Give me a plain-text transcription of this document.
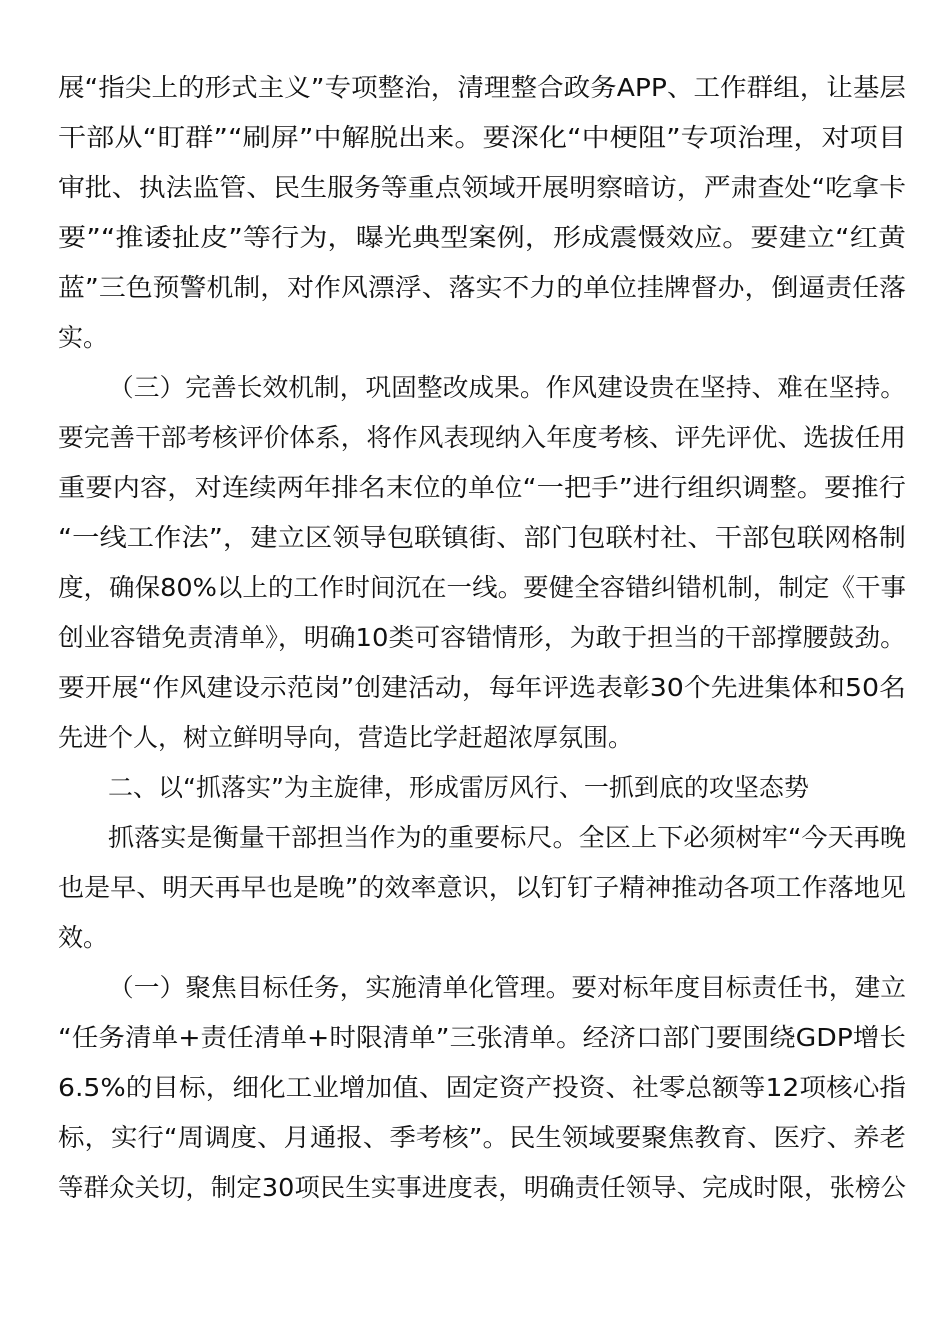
展“指尖上的形式主义”专项整治，清理整合政务APP、工作群组，让基层
干部从“盯群”“刷屏”中解脱出来。要深化“中梗阻”专项治理，对项目
审批、执法监管、民生服务等重点领域开展明察暗访，严肃查处“吃拿卡
要”“推诿扯皮”等行为，曝光典型案例，形成震慑效应。要建立“红黄
蓝”三色预警机制，对作风漂浮、落实不力的单位挂牌督办，倒逼责任落
实。
（三）完善长效机制，巩固整改成果。作风建设贵在坚持、难在坚持。
要完善干部考核评价体系，将作风表现纳入年度考核、评先评优、选拔任用
重要内容，对连续两年排名末位的单位“一把手”进行组织调整。要推行
“一线工作法”，建立区领导包联镇街、部门包联村社、干部包联网格制
度，确保80%以上的工作时间沉在一线。要健全容错纠错机制，制定《干事
创业容错免责清单》，明确10类可容错情形，为敢于担当的干部撑腰鼓劲。
要开展“作风建设示范岗”创建活动，每年评选表彰30个先进集体和50名
先进个人，树立鲜明导向，营造比学赶超浓厚氛围。
二、以“抓落实”为主旋律，形成雷厉风行、一抓到底的攻坚态势
抓落实是衡量干部担当作为的重要标尺。全区上下必须树牢“今天再晚
也是早、明天再早也是晚”的效率意识，以钉钉子精神推动各项工作落地见
效。
（一）聚焦目标任务，实施清单化管理。要对标年度目标责任书，建立
“任务清单+责任清单+时限清单”三张清单。经济口部门要围绕GDP增长
6.5%的目标，细化工业增加值、固定资产投资、社零总额等12项核心指
标，实行“周调度、月通报、季考核”。民生领域要聚焦教育、医疗、养老
等群众关切，制定30项民生实事进度表，明确责任领导、完成时限，张榜公
